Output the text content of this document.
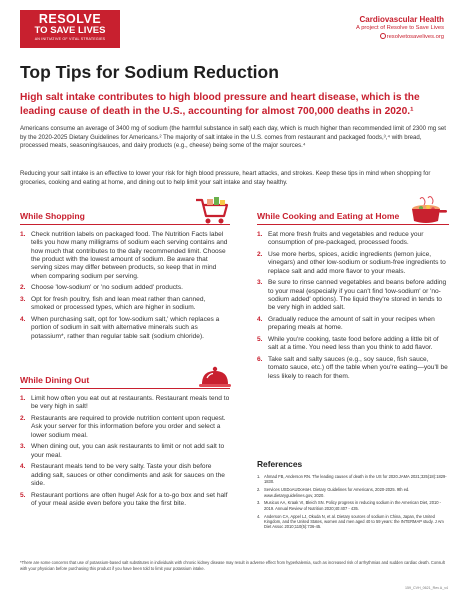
RESOLVE
TO SAVE LIVES
AN INITIATIVE OF VITAL STRATEGIES
Cardiovascular Health
A project of Resolve to Save Lives
resolvetosavelives.org
Top Tips for Sodium Reduction
High salt intake contributes to high blood pressure and heart disease, which is the leading cause of death in the U.S., accounting for almost 700,000 deaths in 2020.¹
Americans consume an average of 3400 mg of sodium (the harmful substance in salt) each day, which is much higher than recommended limit of 2300 mg set by the 2020-2025 Dietary Guidelines for Americans.² The majority of salt intake in the U.S. comes from restaurant and packaged foods,³,⁴ with bread, processed meats, seasoning/sauces, and dairy products (e.g., cheese) being some of the major sources.⁴
Reducing your salt intake is an effective to lower your risk for high blood pressure, heart attacks, and strokes. Keep these tips in mind when shopping for groceries, cooking and eating at home, and dining out to help limit your salt intake and stay healthy.
While Shopping
1. Check nutrition labels on packaged food. The Nutrition Facts label tells you how many milligrams of sodium each serving contains and how much that contributes to the daily recommended limit. Choose the product with the lowest amount of sodium. Be aware that serving sizes may differ between products, so keep that in mind when comparing sodium per serving.
2. Choose 'low-sodium' or 'no sodium added' products.
3. Opt for fresh poultry, fish and lean meat rather than canned, smoked or processed types, which are higher in sodium.
4. When purchasing salt, opt for 'low-sodium salt,' which replaces a portion of sodium in salt with alternative minerals such as potassium*, rather than regular table salt (sodium chloride).
While Dining Out
1. Limit how often you eat out at restaurants. Restaurant meals tend to be very high in salt!
2. Restaurants are required to provide nutrition content upon request. Ask your server for this information before you order and select a lower sodium meal.
3. When dining out, you can ask restaurants to limit or not add salt to your meal.
4. Restaurant meals tend to be very salty. Taste your dish before adding salt, sauces or other condiments and ask for sauces on the side.
5. Restaurant portions are often huge! Ask for a to-go box and set half of your meal aside even before you take the first bite.
While Cooking and Eating at Home
1. Eat more fresh fruits and vegetables and reduce your consumption of pre-packaged, processed foods.
2. Use more herbs, spices, acidic ingredients (lemon juice, vinegars) and other low-sodium or sodium-free ingredients to replace salt and add more flavor to your meals.
3. Be sure to rinse canned vegetables and beans before adding to your meal (especially if you can't find 'low-sodium' or 'no-sodium added' options). The liquid they're stored in tends to be very high in added salt.
4. Gradually reduce the amount of salt in your recipes when preparing meals at home.
5. While you're cooking, taste food before adding a little bit of salt at a time. You need less than you think to add flavor.
6. Take salt and salty sauces (e.g., soy sauce, fish sauce, tomato sauce, etc.) off the table when you're eating—you'll be less likely to reach for them.
References
1. Ahmad FB, Anderson RN. The leading causes of death in the US for 2020.JAMA 2021;325(18):1829-1830.
2. Services USDoAUDoHaH. Dietary Guidelines for Americans, 2020-2025. 9th ed. www.dietaryguidelines.gov, 2020.
3. Musicus AA, Kraak VI, Bleich SN. Policy progress in reducing sodium in the American Diet, 2010 - 2019. Annual Review of Nutrition 2020;40:407 - 435.
4. Anderson CA, Appel LJ, Okuda N, et al. Dietary sources of sodium in China, Japan, the United Kingdom, and the United States, women and men aged 40 to 59 years: the INTERMAP study. J Am Diet Assoc 2010;110(5):736-45.
*There are some concerns that use of potassium-based salt substitutes in individuals with chronic kidney disease may result in adverse effect from hyperkalemia, such as increased risk of arrhythmias and sudden cardiac death. Consult with your physician before purchasing this product if you have been told to limit your potassium intake.
159_CVH_0621_Rev A_v4
